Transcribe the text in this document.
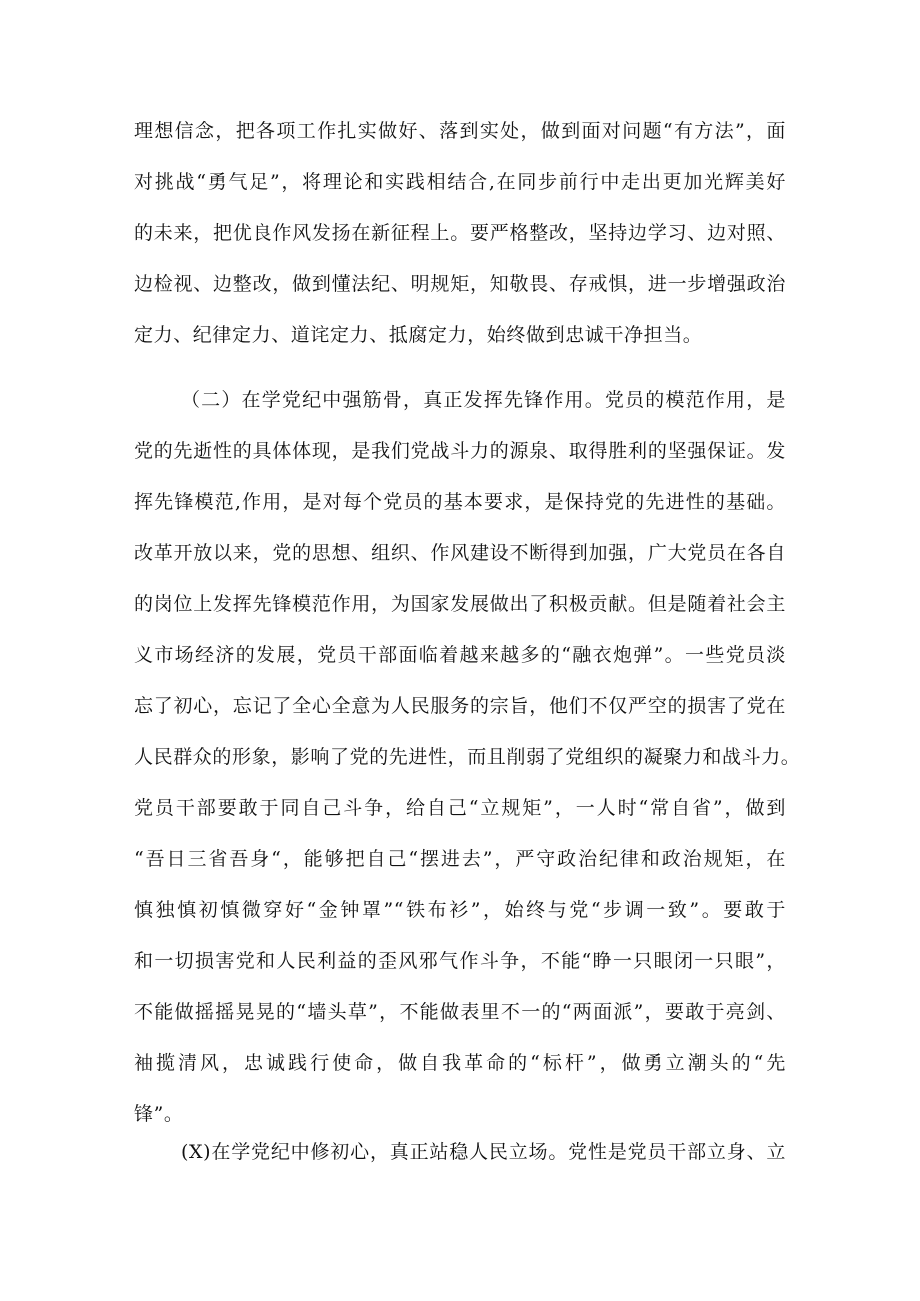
理想信念，把各项工作扎实做好、落到实处，做到面对问题“有方法”，面
对挑战“勇气足”，将理论和实践相结合,在同步前行中走出更加光辉美好
的未来，把优良作风发扬在新征程上。要严格整改，坚持边学习、边对照、
边检视、边整改，做到懂法纪、明规矩，知敬畏、存戒惧，进一步增强政治
定力、纪律定力、道诧定力、抵腐定力，始终做到忠诚干净担当。
（二）在学党纪中强筋骨，真正发挥先锋作用。党员的模范作用，是
党的先逝性的具体体现，是我们党战斗力的源泉、取得胜利的坚强保证。发
挥先锋模范,作用，是对每个党员的基本要求，是保持党的先进性的基础。
改革开放以来，党的思想、组织、作风建设不断得到加强，广大党员在各自
的岗位上发挥先锋模范作用，为国家发展做出了积极贡献。但是随着社会主
义市场经济的发展，党员干部面临着越来越多的“融衣炮弹”。一些党员淡
忘了初心，忘记了全心全意为人民服务的宗旨，他们不仅严空的损害了党在
人民群众的形象，影响了党的先进性，而且削弱了党组织的凝聚力和战斗力。
党员干部要敢于同自己斗争，给自己“立规矩”，一人时“常自省”，做到
“吾日三省吾身“，能够把自己“摆进去”，严守政治纪律和政治规矩，在
慎独慎初慎微穿好“金钟罩”“铁布衫”，始终与党“步调一致”。要敢于
和一切损害党和人民利益的歪风邪气作斗争，不能“睁一只眼闭一只眼”，
不能做摇摇晃晃的“墙头草”，不能做表里不一的“两面派”，要敢于亮剑、
袖揽清风，忠诚践行使命，做自我革命的“标杆”，做勇立潮头的“先
锋”。
(X)在学党纪中修初心，真正站稳人民立场。党性是党员干部立身、立
